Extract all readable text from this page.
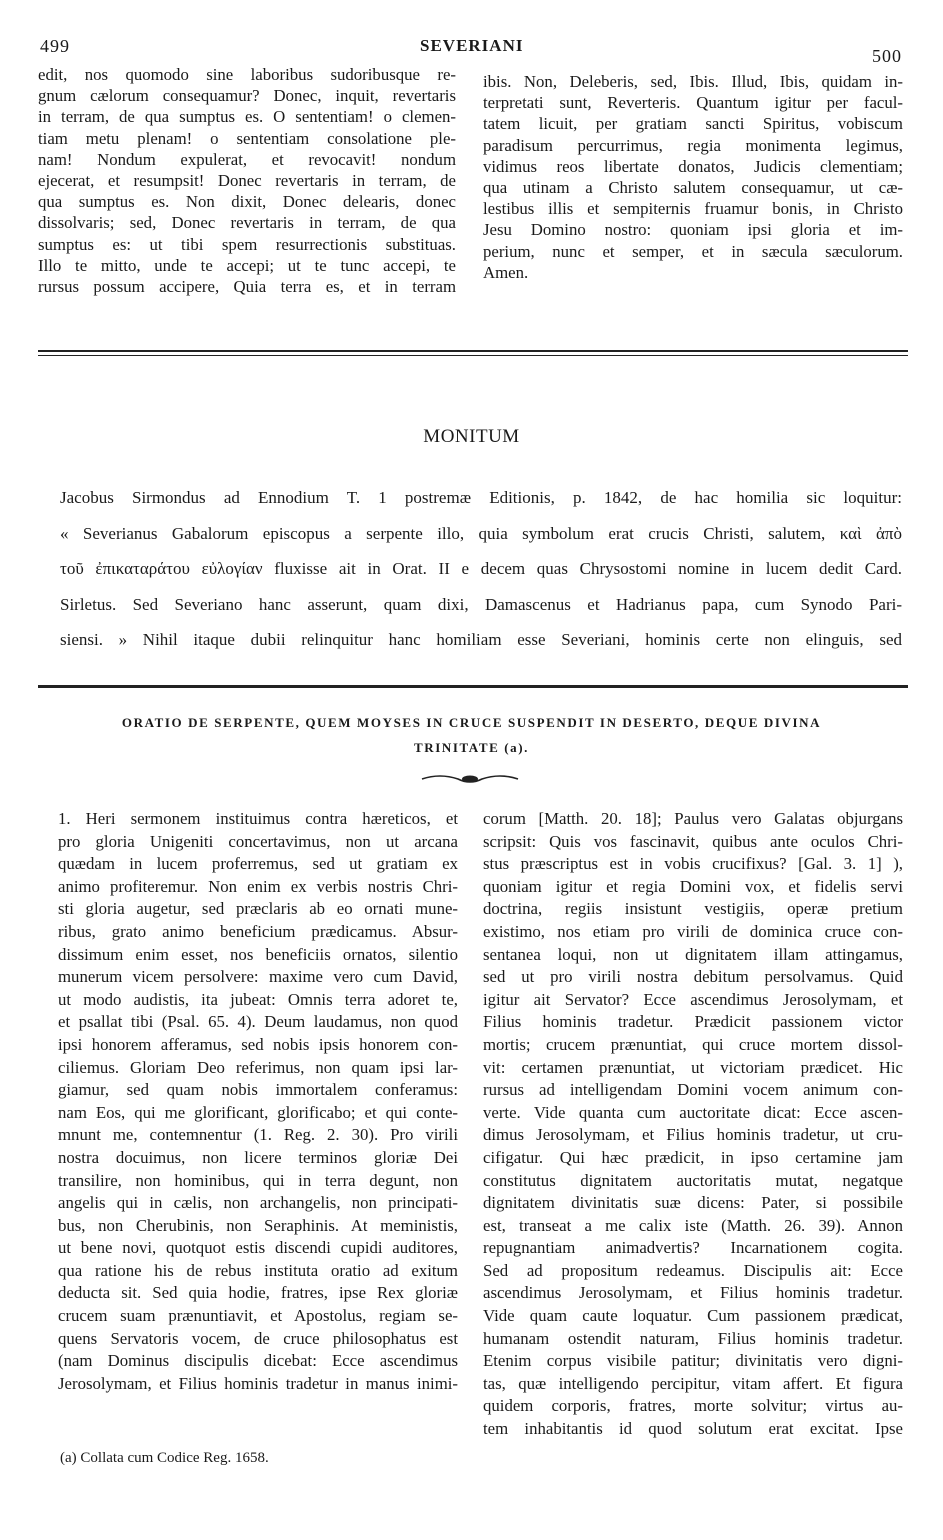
499	SEVERIANI
500
edit, nos quomodo sine laboribus sudoribusque re-
gnum cælorum consequamur? Donec, inquit, revertaris
in terram, de qua sumptus es. O sententiam! o clemen-
tiam metu plenam! o sententiam consolatione ple-
nam! Nondum expulerat, et revocavit! nondum
ejecerat, et resumpsit! Donec revertaris in terram, de
qua sumptus es. Non dixit, Donec delearis, donec
dissolvaris; sed, Donec revertaris in terram, de qua
sumptus es: ut tibi spem resurrectionis substituas.
Illo te mitto, unde te accepi; ut te tunc accepi, te
rursus possum accipere, Quia terra es, et in terram
ibis. Non, Deleberis, sed, Ibis. Illud, Ibis, quidam in-
terpretati sunt, Reverteris. Quantum igitur per facul-
tatem licuit, per gratiam sancti Spiritus, vobiscum
paradisum percurrimus, regia monimenta legimus,
vidimus reos libertate donatos, Judicis clementiam;
qua utinam a Christo salutem consequamur, ut cæ-
lestibus illis et sempiternis fruamur bonis, in Christo
Jesu Domino nostro: quoniam ipsi gloria et im-
perium, nunc et semper, et in sæcula sæculorum.
Amen.
MONITUM
Jacobus Sirmondus ad Ennodium T. 1 postremæ Editionis, p. 1842, de hac homilia sic loquitur:
« Severianus Gabalorum episcopus a serpente illo, quia symbolum erat crucis Christi, salutem, καὶ ἀπὸ
τοῦ ἐπικαταράτου εὐλογίαν fluxisse ait in Orat. II e decem quas Chrysostomi nomine in lucem dedit Card.
Sirletus. Sed Severiano hanc asserunt, quam dixi, Damascenus et Hadrianus papa, cum Synodo Pari-
siensi. » Nihil itaque dubii relinquitur hanc homiliam esse Severiani, hominis certe non elinguis, sed
ORATIO DE SERPENTE, QUEM MOYSES IN CRUCE SUSPENDIT IN DESERTO, DEQUE DIVINA
TRINITATE (a).
1. Heri sermonem instituimus contra hæreticos, et
pro gloria Unigeniti concertavimus, non ut arcana
quædam in lucem proferremus, sed ut gratiam ex
animo profiteremur. Non enim ex verbis nostris Chri-
sti gloria augetur, sed præclaris ab eo ornati mune-
ribus, grato animo beneficium prædicamus. Absur-
dissimum enim esset, nos beneficiis ornatos, silentio
munerum vicem persolvere: maxime vero cum David,
ut modo audistis, ita jubeat: Omnis terra adoret te,
et psallat tibi (Psal. 65. 4). Deum laudamus, non quod
ipsi honorem afferamus, sed nobis ipsis honorem con-
ciliemus. Gloriam Deo referimus, non quam ipsi lar-
giamur, sed quam nobis immortalem conferamus:
nam Eos, qui me glorificant, glorificabo; et qui conte-
mnunt me, contemnentur (1. Reg. 2. 30). Pro virili
nostra docuimus, non licere terminos gloriæ Dei
transilire, non hominibus, qui in terra degunt, non
angelis qui in cælis, non archangelis, non principati-
bus, non Cherubinis, non Seraphinis. At meministis,
ut bene novi, quotquot estis discendi cupidi auditores,
qua ratione his de rebus instituta oratio ad exitum
deducta sit. Sed quia hodie, fratres, ipse Rex gloriæ
crucem suam prænuntiavit, et Apostolus, regiam se-
quens Servatoris vocem, de cruce philosophatus est
(nam Dominus discipulis dicebat: Ecce ascendimus
Jerosolymam, et Filius hominis tradetur in manus inimi-
corum [Matth. 20. 18]; Paulus vero Galatas objurgans
scripsit: Quis vos fascinavit, quibus ante oculos Chri-
stus præscriptus est in vobis crucifixus? [Gal. 3. 1] ),
quoniam igitur et regia Domini vox, et fidelis servi
doctrina, regiis insistunt vestigiis, operæ pretium
existimo, nos etiam pro virili de dominica cruce con-
sentanea loqui, non ut dignitatem illam attingamus,
sed ut pro virili nostra debitum persolvamus. Quid
igitur ait Servator? Ecce ascendimus Jerosolymam, et
Filius hominis tradetur. Prædicit passionem victor
mortis; crucem prænuntiat, qui cruce mortem dissol-
vit: certamen prænuntiat, ut victoriam prædicet. Hic
rursus ad intelligendam Domini vocem animum con-
verte. Vide quanta cum auctoritate dicat: Ecce ascen-
dimus Jerosolymam, et Filius hominis tradetur, ut cru-
cifigatur. Qui hæc prædicit, in ipso certamine jam
constitutus dignitatem auctoritatis mutat, negatque
dignitatem divinitatis suæ dicens: Pater, si possibile
est, transeat a me calix iste (Matth. 26. 39). Annon
repugnantiam animadvertis? Incarnationem cogita.
Sed ad propositum redeamus. Discipulis ait: Ecce
ascendimus Jerosolymam, et Filius hominis tradetur.
Vide quam caute loquatur. Cum passionem prædicat,
humanam ostendit naturam, Filius hominis tradetur.
Etenim corpus visibile patitur; divinitatis vero digni-
tas, quæ intelligendo percipitur, vitam affert. Et figura
quidem corporis, fratres, morte solvitur; virtus au-
tem inhabitantis id quod solutum erat excitat. Ipse
(a) Collata cum Codice Reg. 1658.
